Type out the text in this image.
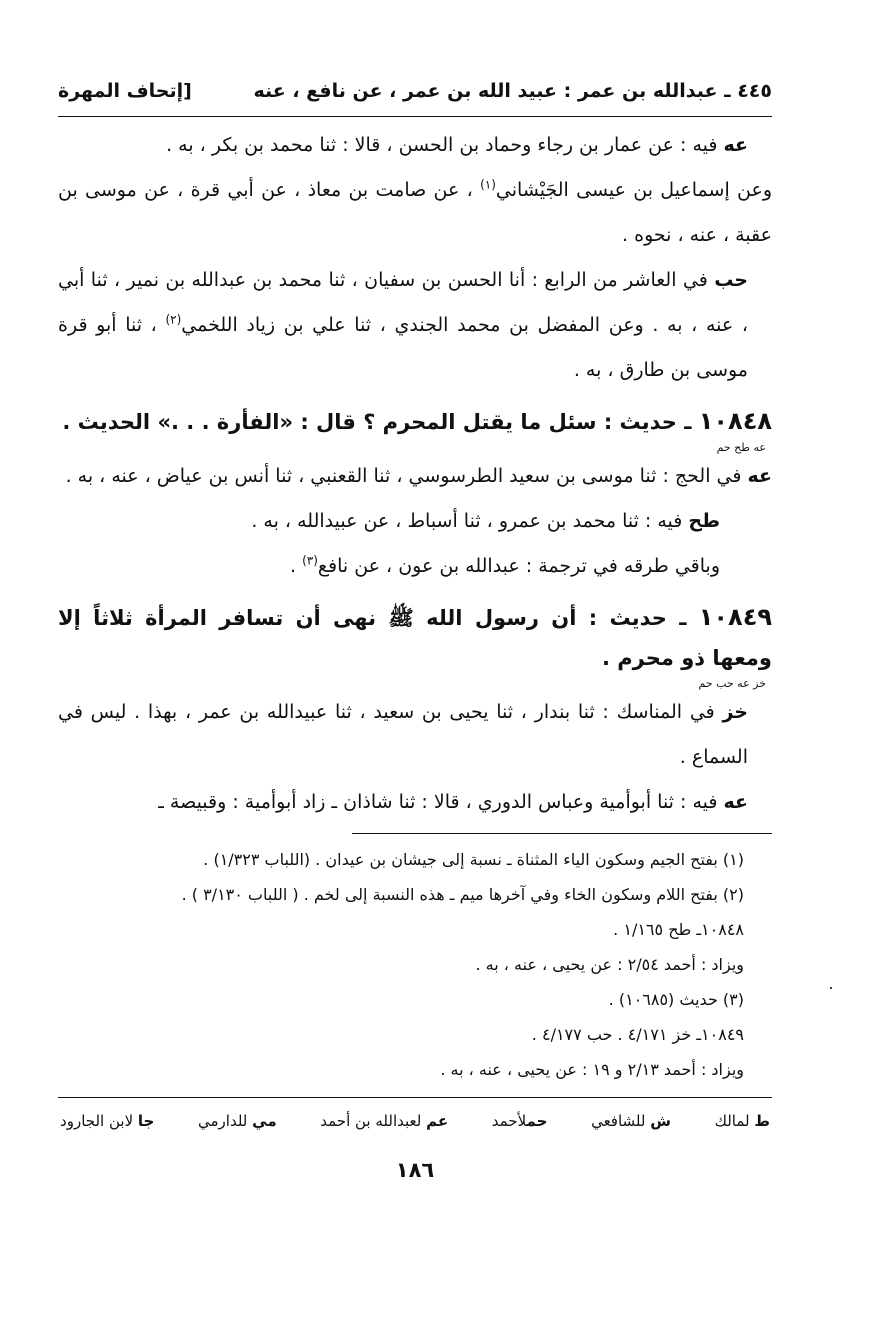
٤٤٥ ـ عبدالله بن عمر : عبيد الله بن عمر ، عن نافع ، عنه
[إتحاف المهرة

عه فيه : عن عمار بن رجاء وحماد بن الحسن ، قالا : ثنا محمد بن بكر ، به .

وعن إسماعيل بن عيسى الجَيْشاني$^{(١)}$ ، عن صامت بن معاذ ، عن أبي قرة ، عن موسى بن عقبة ، عنه ، نحوه .

حب في العاشر من الرابع : أنا الحسن بن سفيان ، ثنا محمد بن عبدالله بن نمير ، ثنا أبي ، عنه ، به . وعن المفضل بن محمد الجندي ، ثنا علي بن زياد اللخمي$^{(٢)}$ ، ثنا أبو قرة موسى بن طارق ، به .

١٠٨٤٨ ـ حديث : سئل ما يقتل المحرم ؟ قال : «الفأرة . . .» الحديث .
عه طح حم

عه في الحج : ثنا موسى بن سعيد الطرسوسي ، ثنا القعنبي ، ثنا أنس بن عياض ، عنه ، به .

طح فيه : ثنا محمد بن عمرو ، ثنا أسباط ، عن عبيدالله ، به .

وباقي طرقه في ترجمة : عبدالله بن عون ، عن نافع$^{(٣)}$ .

١٠٨٤٩ ـ حديث : أن رسول الله ﷺ نهى أن تسافر المرأة ثلاثاً إلا ومعها ذو محرم .
خز عه حب حم

خز في المناسك : ثنا بندار ، ثنا يحيى بن سعيد ، ثنا عبيدالله بن عمر ، بهذا . ليس في السماع .

عه فيه : ثنا أبوأمية وعباس الدوري ، قالا : ثنا شاذان ـ زاد أبوأمية : وقبيصة ـ

(١) بفتح الجيم وسكون الياء المثناة ـ نسبة إلى جيشان بن عيدان . (اللباب ١/٣٢٣) .

(٢) بفتح اللام وسكون الخاء وفي آخرها ميم ـ هذه النسبة إلى لخم . ( اللباب ٣/١٣٠ ) .

١٠٨٤٨ـ طح ١/١٦٥ .

ويزاد : أحمد ٢/٥٤ : عن يحيى ، عنه ، به .

(٣) حديث (١٠٦٨٥) .

١٠٨٤٩ـ خز ٤/١٧١ . حب ٤/١٧٧ .

ويزاد : أحمد ٢/١٣ و ١٩ : عن يحيى ، عنه ، به .

ط لمالك
ش للشافعي
حملأحمد
عم لعبدالله بن أحمد
مي للدارمي
جا لابن الجارود
١٨٦
